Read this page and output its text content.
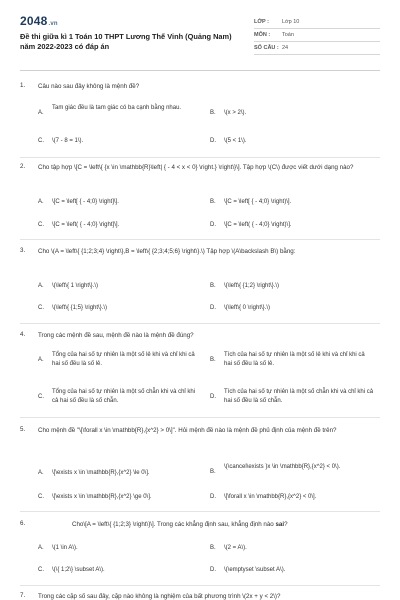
2048.vn
Đề thi giữa kì 1 Toán 10 THPT Lương Thế Vinh (Quảng Nam) năm 2022-2023 có đáp án
LỚP :	Lớp 10
MÔN :	Toán
SỐ CÂU : 24
1. Câu nào sau đây không là mệnh đề?
A.
Tam giác đều là tam giác có ba cạnh bằng nhau.
B. \(x > 2\).
C. \(7 - 8 = 1\).	D. \(5 < 1\).
2. Cho tập hợp \[C = \left\{ {x \in \mathbb{R}\left| { - 4 < x < 0} \right.} \right\}\]. Tập hợp \(C\) được viết dưới dạng nào?
A. \[C = \left[ { - 4;0} \right]\].	B. \[C = \left[ { - 4;0} \right)\].
C. \[C = \left( { - 4;0} \right]\].	D. \[C = \left( { - 4;0} \right)\].
3. Cho \(A = \left\{ {1;2;3;4} \right\},B = \left\{ {2;3;4;5;6} \right\}.\) Tập hợp \(A\backslash B\) bằng:
A. \(\left\{ 1 \right\}.\)	B. \(\left\{ {1;2} \right\}.\)
C. \(\left\{ {1;5} \right\}.\)	D. \(\left\{ 0 \right\}.\)
4. Trong các mệnh đề sau, mệnh đề nào là mệnh đề đúng?
A.
Tổng của hai số tự nhiên là một số lẻ khi và chỉ khi cả hai số đều là số lẻ.
B.
Tích của hai số tự nhiên là một số lẻ khi và chỉ khi cả hai số đều là số lẻ.
C.
Tổng của hai số tự nhiên là một số chẵn khi và chỉ khi cả hai số đều là số chẵn.
D.
Tích của hai số tự nhiên là một số chẵn khi và chỉ khi cả hai số đều là số chẵn.
5. Cho mệnh đề "\[\forall x \in \mathbb{R},{x^2} > 0\]". Hỏi mệnh đề nào là mệnh đề phủ định của mệnh đề trên?
A. \[\exists x \in \mathbb{R},{x^2} \le 0\].	B.
\(\cancel\exists }x \in \mathbb{R},{x^2} < 0\).
C. \[\exists x \in \mathbb{R},{x^2} \ge 0\].	D. \[\forall x \in \mathbb{R},{x^2} < 0\].
6.	Cho\[A = \left\{ {1;2;3} \right\}\]. Trong các khẳng định sau, khẳng định nào sai?
A. \(1 \in A\).	B. \(2 = A\).
C. \(\{ 1;2\} \subset A\).	D. \(\emptyset \subset A\).
7. Trong các cặp số sau đây, cặp nào không là nghiệm của bất phương trình \(2x + y < 2\)?
